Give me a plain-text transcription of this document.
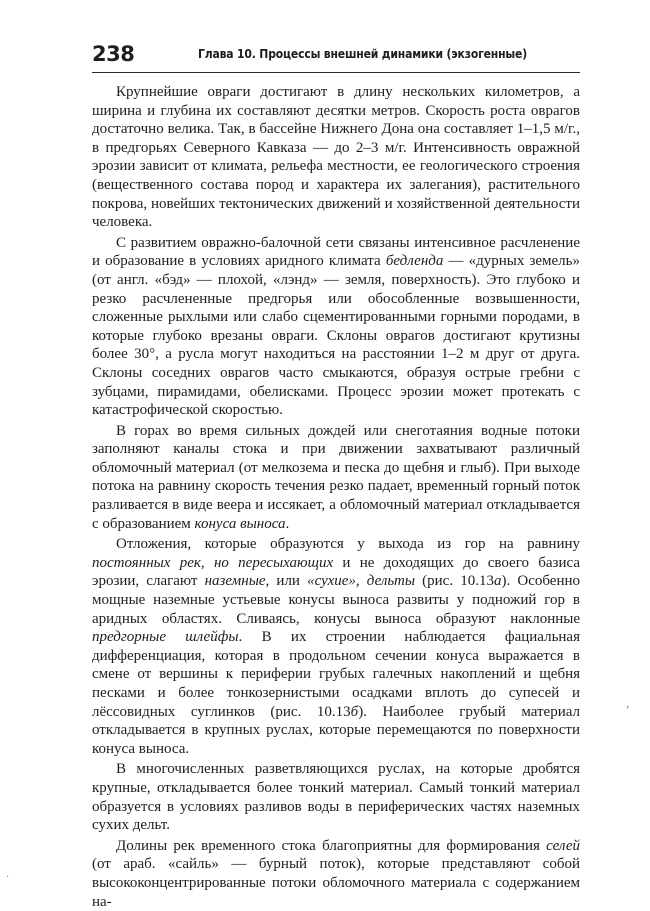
238	Глава 10. Процессы внешней динамики (экзогенные)

Крупнейшие овраги достигают в длину нескольких километров, а ширина и глубина их составляют десятки метров. Скорость роста оврагов достаточно велика. Так, в бассейне Нижнего Дона она составляет 1–1,5 м/г., в предгорьях Северного Кавказа — до 2–3 м/г. Интенсивность овражной эрозии зависит от климата, рельефа местности, ее геологического строения (вещественного состава пород и характера их залегания), растительного покрова, новейших тектонических движений и хозяйственной деятельности человека.

С развитием овражно-балочной сети связаны интенсивное расчленение и образование в условиях аридного климата бедленда — «дурных земель» (от англ. «бэд» — плохой, «лэнд» — земля, поверхность). Это глубоко и резко расчлененные предгорья или обособленные возвышенности, сложенные рыхлыми или слабо сцементированными горными породами, в которые глубоко врезаны овраги. Склоны оврагов достигают крутизны более 30°, а русла могут находиться на расстоянии 1–2 м друг от друга. Склоны соседних оврагов часто смыкаются, образуя острые гребни с зубцами, пирамидами, обелисками. Процесс эрозии может протекать с катастрофической скоростью.

В горах во время сильных дождей или снеготаяния водные потоки заполняют каналы стока и при движении захватывают различный обломочный материал (от мелкозема и песка до щебня и глыб). При выходе потока на равнину скорость течения резко падает, временный горный поток разливается в виде веера и иссякает, а обломочный материал откладывается с образованием конуса выноса.

Отложения, которые образуются у выхода из гор на равнину постоянных рек, но пересыхающих и не доходящих до своего базиса эрозии, слагают наземные, или «сухие», дельты (рис. 10.13а). Особенно мощные наземные устьевые конусы выноса развиты у подножий гор в аридных областях. Сливаясь, конусы выноса образуют наклонные предгорные шлейфы. В их строении наблюдается фациальная дифференциация, которая в продольном сечении конуса выражается в смене от вершины к периферии грубых галечных накоплений и щебня песками и более тонкозернистыми осадками вплоть до супесей и лёссовидных суглинков (рис. 10.13б). Наиболее грубый материал откладывается в крупных руслах, которые перемещаются по поверхности конуса выноса.

В многочисленных разветвляющихся руслах, на которые дробятся крупные, откладывается более тонкий материал. Самый тонкий материал образуется в условиях разливов воды в периферических частях наземных сухих дельт.

Долины рек временного стока благоприятны для формирования селей (от араб. «сайль» — бурный поток), которые представляют собой высококонцентрированные потоки обломочного материала с содержанием на-

ʼ
·
